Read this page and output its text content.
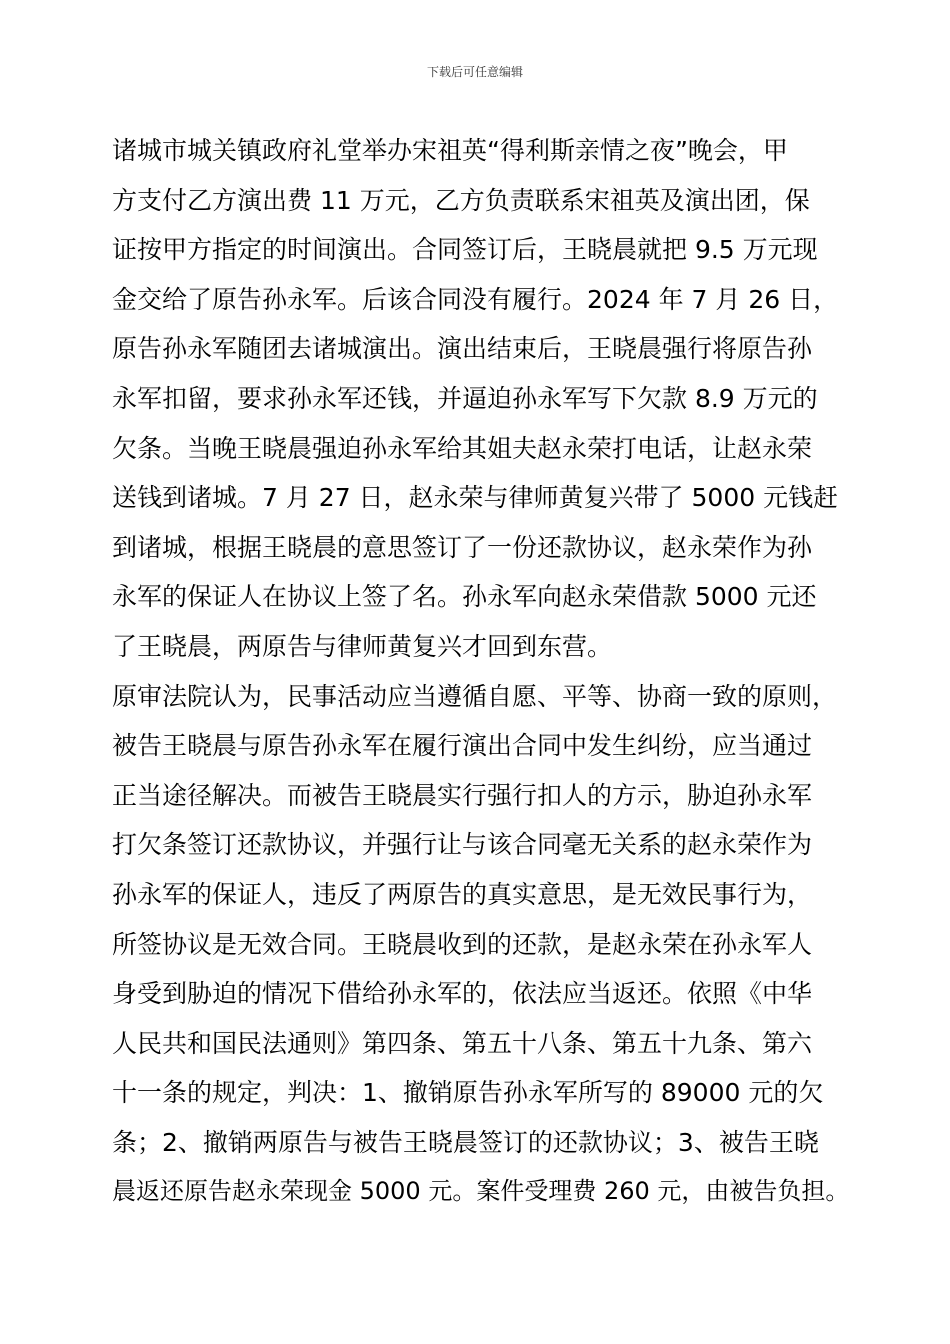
下载后可任意编辑
诸城市城关镇政府礼堂举办宋祖英“得利斯亲情之夜”晚会，甲
方支付乙方演出费 11 万元，乙方负责联系宋祖英及演出团，保
证按甲方指定的时间演出。合同签订后，王晓晨就把 9.5 万元现
金交给了原告孙永军。后该合同没有履行。2024 年 7 月 26 日，
原告孙永军随团去诸城演出。演出结束后，王晓晨强行将原告孙
永军扣留，要求孙永军还钱，并逼迫孙永军写下欠款 8.9 万元的
欠条。当晚王晓晨强迫孙永军给其姐夫赵永荣打电话，让赵永荣
送钱到诸城。7 月 27 日，赵永荣与律师黄复兴带了 5000 元钱赶
到诸城，根据王晓晨的意思签订了一份还款协议，赵永荣作为孙
永军的保证人在协议上签了名。孙永军向赵永荣借款 5000 元还
了王晓晨，两原告与律师黄复兴才回到东营。
原审法院认为，民事活动应当遵循自愿、平等、协商一致的原则，
被告王晓晨与原告孙永军在履行演出合同中发生纠纷，应当通过
正当途径解决。而被告王晓晨实行强行扣人的方示，胁迫孙永军
打欠条签订还款协议，并强行让与该合同毫无关系的赵永荣作为
孙永军的保证人，违反了两原告的真实意思，是无效民事行为，
所签协议是无效合同。王晓晨收到的还款，是赵永荣在孙永军人
身受到胁迫的情况下借给孙永军的，依法应当返还。依照《中华
人民共和国民法通则》第四条、第五十八条、第五十九条、第六
十一条的规定，判决：1、撤销原告孙永军所写的 89000 元的欠
条；2、撤销两原告与被告王晓晨签订的还款协议；3、被告王晓
晨返还原告赵永荣现金 5000 元。案件受理费 260 元，由被告负担。
